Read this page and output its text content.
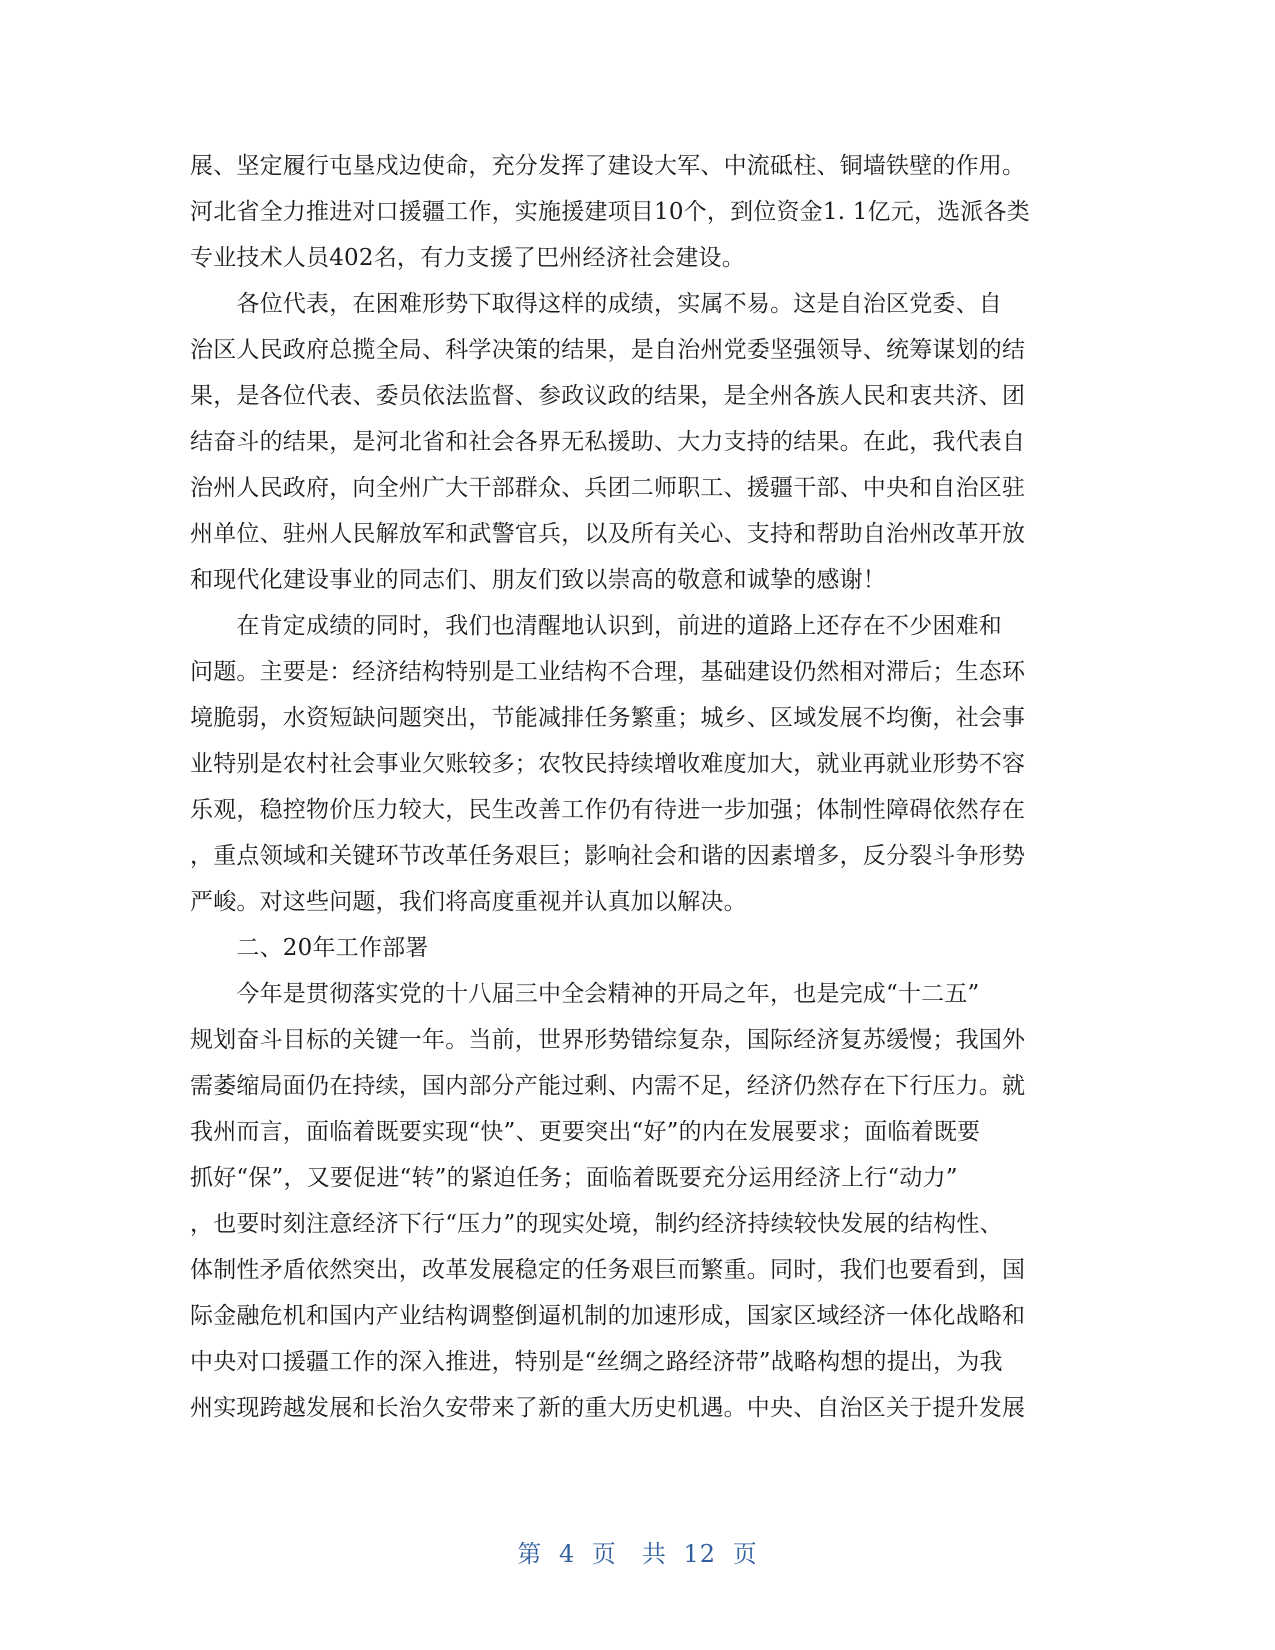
展、坚定履行屯垦戍边使命，充分发挥了建设大军、中流砥柱、铜墙铁壁的作用。
河北省全力推进对口援疆工作，实施援建项目10个，到位资金1. 1亿元，选派各类
专业技术人员402名，有力支援了巴州经济社会建设。
　　各位代表，在困难形势下取得这样的成绩，实属不易。这是自治区党委、自
治区人民政府总揽全局、科学决策的结果，是自治州党委坚强领导、统筹谋划的结
果，是各位代表、委员依法监督、参政议政的结果，是全州各族人民和衷共济、团
结奋斗的结果，是河北省和社会各界无私援助、大力支持的结果。在此，我代表自
治州人民政府，向全州广大干部群众、兵团二师职工、援疆干部、中央和自治区驻
州单位、驻州人民解放军和武警官兵，以及所有关心、支持和帮助自治州改革开放
和现代化建设事业的同志们、朋友们致以崇高的敬意和诚挚的感谢！
　　在肯定成绩的同时，我们也清醒地认识到，前进的道路上还存在不少困难和
问题。主要是：经济结构特别是工业结构不合理，基础建设仍然相对滞后；生态环
境脆弱，水资短缺问题突出，节能减排任务繁重；城乡、区域发展不均衡，社会事
业特别是农村社会事业欠账较多；农牧民持续增收难度加大，就业再就业形势不容
乐观，稳控物价压力较大，民生改善工作仍有待进一步加强；体制性障碍依然存在
，重点领域和关键环节改革任务艰巨；影响社会和谐的因素增多，反分裂斗争形势
严峻。对这些问题，我们将高度重视并认真加以解决。
　　二、20年工作部署
　　今年是贯彻落实党的十八届三中全会精神的开局之年，也是完成“十二五”
规划奋斗目标的关键一年。当前，世界形势错综复杂，国际经济复苏缓慢；我国外
需萎缩局面仍在持续，国内部分产能过剩、内需不足，经济仍然存在下行压力。就
我州而言，面临着既要实现“快”、更要突出“好”的内在发展要求；面临着既要
抓好“保”，又要促进“转”的紧迫任务；面临着既要充分运用经济上行“动力”
，也要时刻注意经济下行“压力”的现实处境，制约经济持续较快发展的结构性、
体制性矛盾依然突出，改革发展稳定的任务艰巨而繁重。同时，我们也要看到，国
际金融危机和国内产业结构调整倒逼机制的加速形成，国家区域经济一体化战略和
中央对口援疆工作的深入推进，特别是“丝绸之路经济带”战略构想的提出，为我
州实现跨越发展和长治久安带来了新的重大历史机遇。中央、自治区关于提升发展
第 4 页　共 12 页
